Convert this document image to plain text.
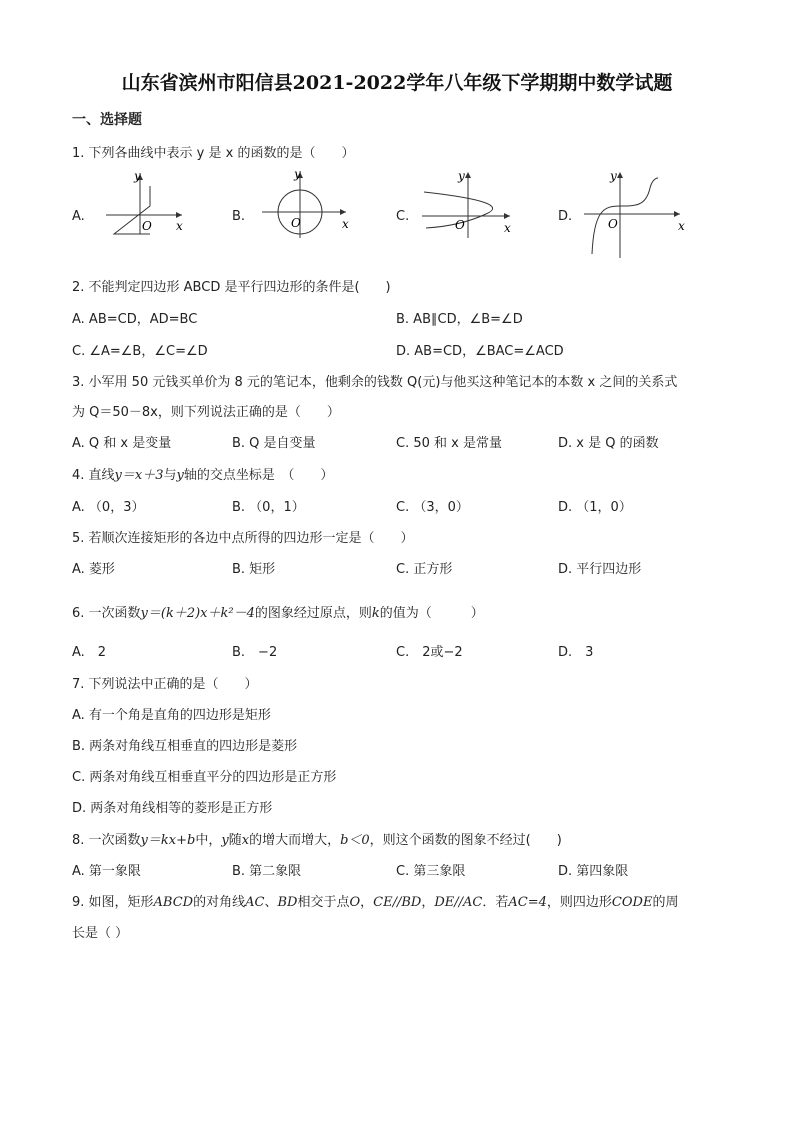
山东省滨州市阳信县2021-2022学年八年级下学期期中数学试题
一、选择题
1. 下列各曲线中表示 y 是 x 的函数的是（　　）
A.
y
x
O
B.
y
x
O	C.
y
x
O
D.
y
x
O
2. 不能判定四边形 ABCD 是平行四边形的条件是(　　)
A. AB=CD，AD=BC	B. AB∥CD，∠B=∠D
C. ∠A=∠B，∠C=∠D	D. AB=CD，∠BAC=∠ACD
3. 小军用 50 元钱买单价为 8 元的笔记本，他剩余的钱数 Q(元)与他买这种笔记本的本数 x 之间的关系式
为 Q＝50－8x，则下列说法正确的是（　　）
A. Q 和 x 是变量	B. Q 是自变量	C. 50 和 x 是常量	D. x 是 Q 的函数
4. 直线y＝x＋3与y轴的交点坐标是　（　　）
A. （0，3）	B. （0，1）	C. （3，0）	D. （1，0）
5. 若顺次连接矩形的各边中点所得的四边形一定是（　　）
A. 菱形	B. 矩形	C. 正方形	D. 平行四边形
6. 一次函数y＝(k＋2)x＋k²－4的图象经过原点，则k的值为（　　　）
A.　2	B.　−2	C.　2或−2	D.　3
7. 下列说法中正确的是（　　）
A. 有一个角是直角的四边形是矩形
B. 两条对角线互相垂直的四边形是菱形
C. 两条对角线互相垂直平分的四边形是正方形
D. 两条对角线相等的菱形是正方形
8. 一次函数y＝kx+b中，y随x的增大而增大，b＜0，则这个函数的图象不经过(　　)
A. 第一象限	B. 第二象限	C. 第三象限	D. 第四象限
9. 如图，矩形ABCD的对角线AC、BD相交于点O，CE//BD，DE//AC．若AC=4，则四边形CODE的周
长是（ ）
